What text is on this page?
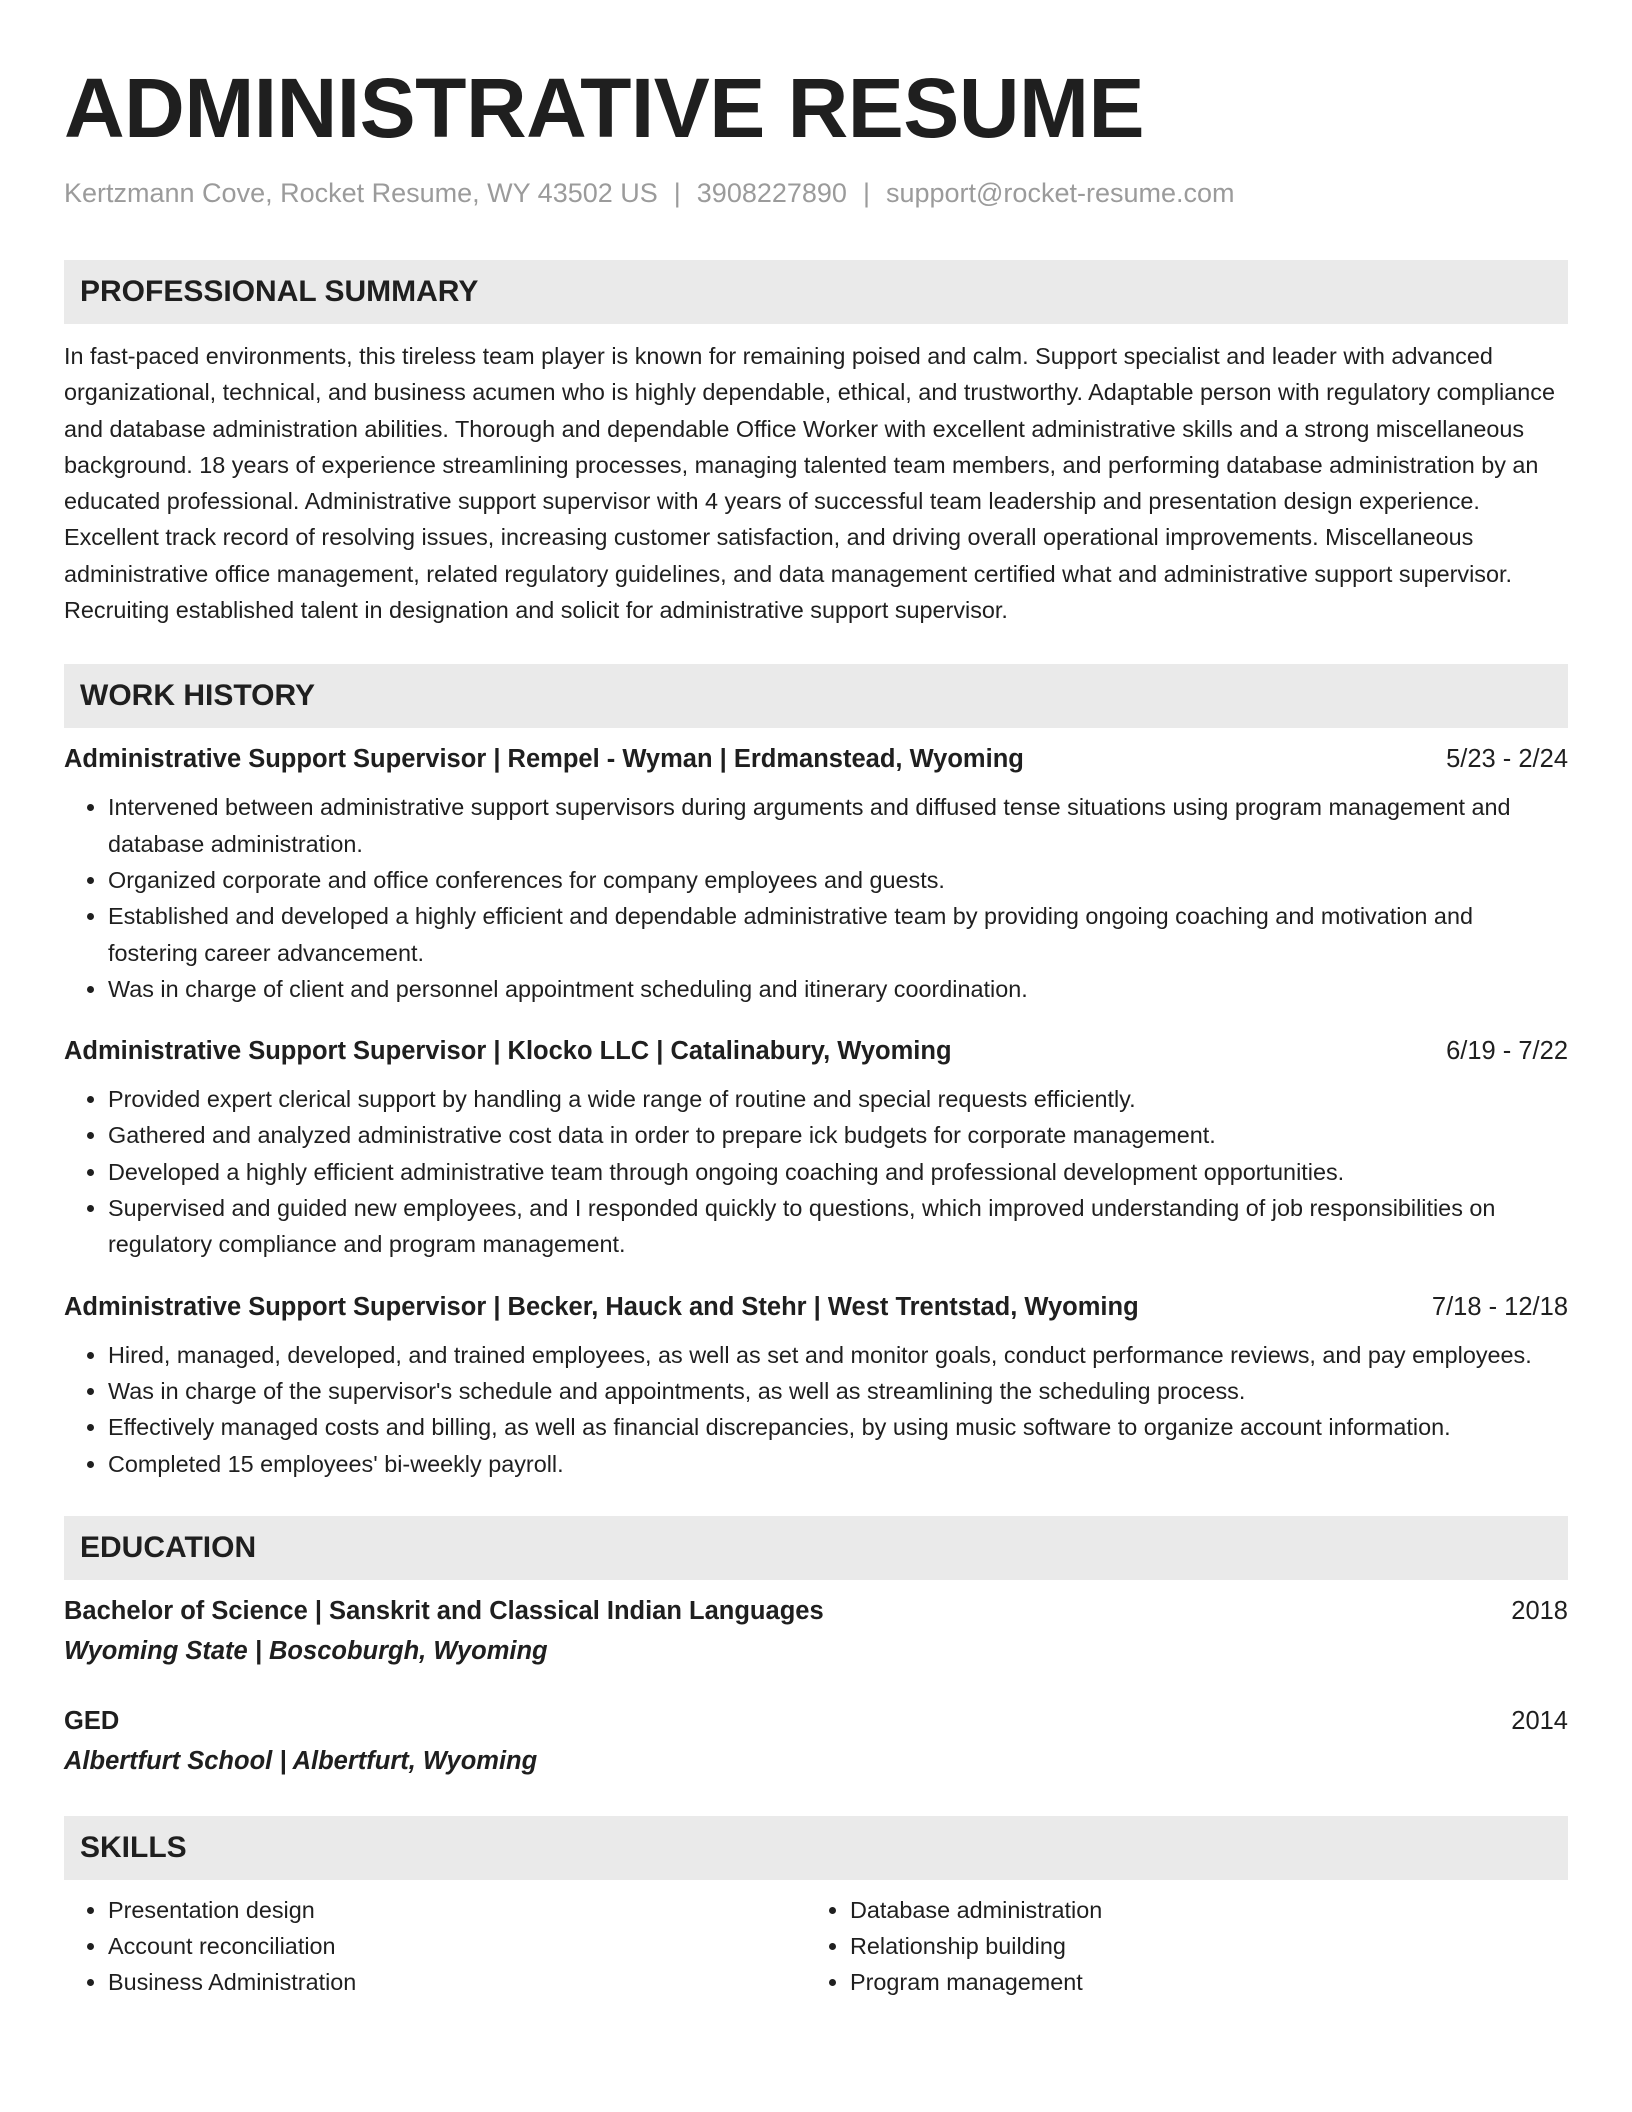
ADMINISTRATIVE RESUME
Kertzmann Cove, Rocket Resume, WY 43502 US | 3908227890 | support@rocket-resume.com
PROFESSIONAL SUMMARY
In fast-paced environments, this tireless team player is known for remaining poised and calm. Support specialist and leader with advanced organizational, technical, and business acumen who is highly dependable, ethical, and trustworthy. Adaptable person with regulatory compliance and database administration abilities. Thorough and dependable Office Worker with excellent administrative skills and a strong miscellaneous background. 18 years of experience streamlining processes, managing talented team members, and performing database administration by an educated professional. Administrative support supervisor with 4 years of successful team leadership and presentation design experience. Excellent track record of resolving issues, increasing customer satisfaction, and driving overall operational improvements. Miscellaneous administrative office management, related regulatory guidelines, and data management certified what and administrative support supervisor. Recruiting established talent in designation and solicit for administrative support supervisor.
WORK HISTORY
Administrative Support Supervisor | Rempel - Wyman | Erdmanstead, Wyoming	5/23 - 2/24
• Intervened between administrative support supervisors during arguments and diffused tense situations using program management and database administration.
• Organized corporate and office conferences for company employees and guests.
• Established and developed a highly efficient and dependable administrative team by providing ongoing coaching and motivation and fostering career advancement.
• Was in charge of client and personnel appointment scheduling and itinerary coordination.
Administrative Support Supervisor | Klocko LLC | Catalinabury, Wyoming	6/19 - 7/22
• Provided expert clerical support by handling a wide range of routine and special requests efficiently.
• Gathered and analyzed administrative cost data in order to prepare ick budgets for corporate management.
• Developed a highly efficient administrative team through ongoing coaching and professional development opportunities.
• Supervised and guided new employees, and I responded quickly to questions, which improved understanding of job responsibilities on regulatory compliance and program management.
Administrative Support Supervisor | Becker, Hauck and Stehr | West Trentstad, Wyoming	7/18 - 12/18
• Hired, managed, developed, and trained employees, as well as set and monitor goals, conduct performance reviews, and pay employees.
• Was in charge of the supervisor's schedule and appointments, as well as streamlining the scheduling process.
• Effectively managed costs and billing, as well as financial discrepancies, by using music software to organize account information.
• Completed 15 employees' bi-weekly payroll.
EDUCATION
Bachelor of Science | Sanskrit and Classical Indian Languages	2018
Wyoming State | Boscoburgh, Wyoming
GED	2014
Albertfurt School | Albertfurt, Wyoming
SKILLS
• Presentation design
• Account reconciliation
• Business Administration
• Database administration
• Relationship building
• Program management
